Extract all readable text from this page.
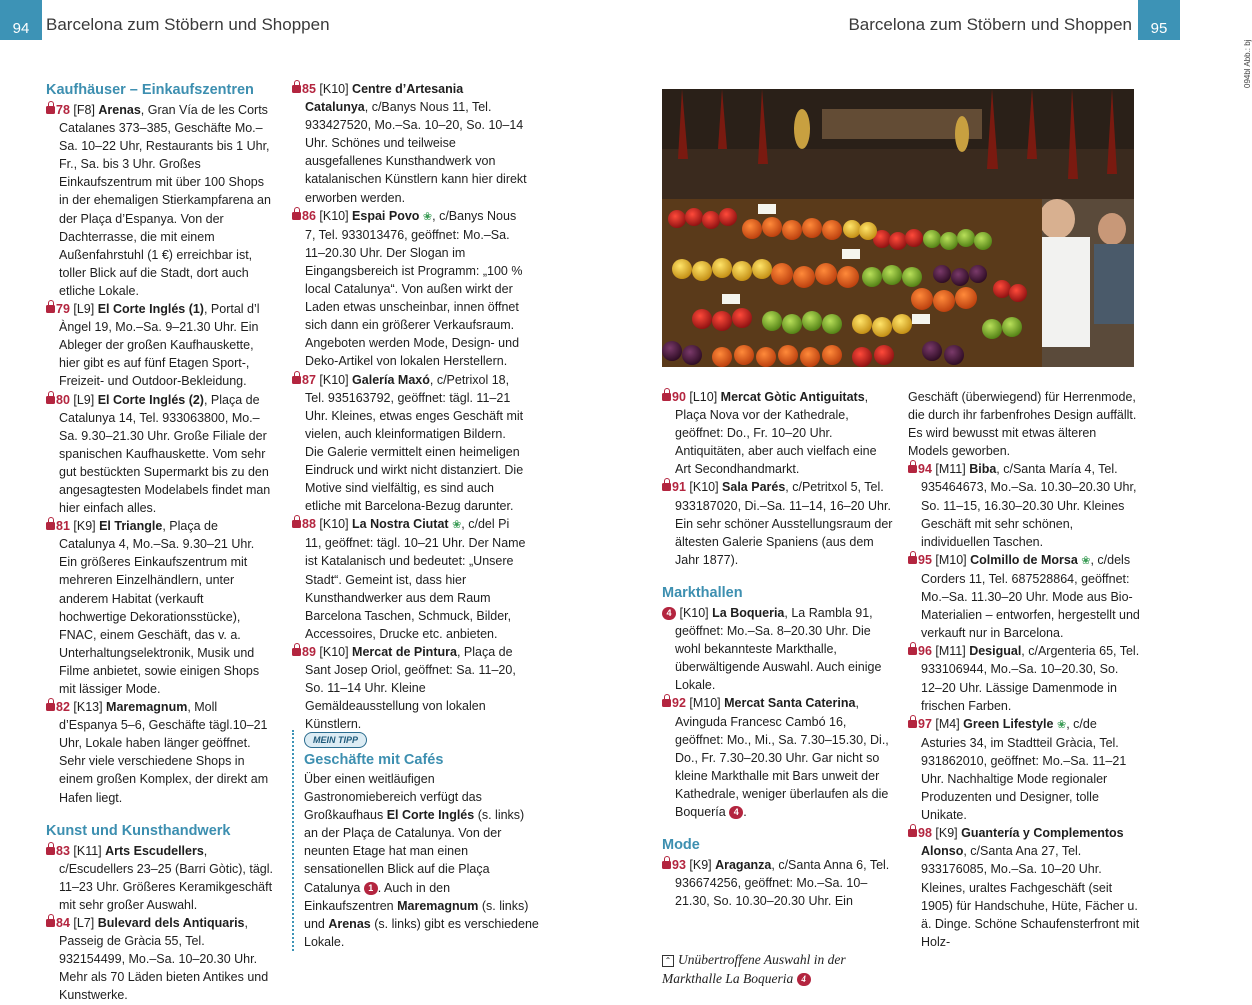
94 Barcelona zum Stöbern und Shoppen
Kaufhäuser – Einkaufszentren

78 [F8] Arenas, Gran Vía de les Corts Catalanes 373–385, Geschäfte Mo.–Sa. 10–22 Uhr, Restaurants bis 1 Uhr, Fr., Sa. bis 3 Uhr. Großes Einkaufszentrum mit über 100 Shops in der ehemaligen Stierkampfarena an der Plaça d’Espanya. Von der Dachterrasse, die mit einem Außenfahrstuhl (1 €) erreichbar ist, toller Blick auf die Stadt, dort auch etliche Lokale.

79 [L9] El Corte Inglés (1), Portal d’l Àngel 19, Mo.–Sa. 9–21.30 Uhr. Ein Ableger der großen Kaufhauskette, hier gibt es auf fünf Etagen Sport-, Freizeit- und Outdoor-Bekleidung.

80 [L9] El Corte Inglés (2), Plaça de Catalunya 14, Tel. 933063800, Mo.–Sa. 9.30–21.30 Uhr. Große Filiale der spanischen Kaufhauskette. Vom sehr gut bestückten Supermarkt bis zu den angesagtesten Modelabels findet man hier einfach alles.

81 [K9] El Triangle, Plaça de Catalunya 4, Mo.–Sa. 9.30–21 Uhr. Ein größeres Einkaufszentrum mit mehreren Einzelhändlern, unter anderem Habitat (verkauft hochwertige Dekorationsstücke), FNAC, einem Geschäft, das v. a. Unterhaltungselektronik, Musik und Filme anbietet, sowie einigen Shops mit lässiger Mode.

82 [K13] Maremagnum, Moll d’Espanya 5–6, Geschäfte tägl.10–21 Uhr, Lokale haben länger geöffnet. Sehr viele verschiedene Shops in einem großen Komplex, der direkt am Hafen liegt.

Kunst und Kunsthandwerk

83 [K11] Arts Escudellers, c/Escudellers 23–25 (Barri Gòtic), tägl. 11–23 Uhr. Größeres Keramikgeschäft mit sehr großer Auswahl.

84 [L7] Bulevard dels Antiquaris, Passeig de Gràcia 55, Tel. 932154499, Mo.–Sa. 10–20.30 Uhr. Mehr als 70 Läden bieten Antikes und Kunstwerke.

85 [K10] Centre d’Artesania Catalunya, c/Banys Nous 11, Tel. 933427520, Mo.–Sa. 10–20, So. 10–14 Uhr. Schönes und teilweise ausgefallenes Kunsthandwerk von katalanischen Künstlern kann hier direkt erworben werden.

86 [K10] Espai Povo ❀, c/Banys Nous 7, Tel. 933013476, geöffnet: Mo.–Sa. 11–20.30 Uhr. Der Slogan im Eingangsbereich ist Programm: „100 % local Catalunya“. Von außen wirkt der Laden etwas unscheinbar, innen öffnet sich dann ein größerer Verkaufsraum. Angeboten werden Mode, Design- und Deko-Artikel von lokalen Herstellern.

87 [K10] Galería Maxó, c/Petrixol 18, Tel. 935163792, geöffnet: tägl. 11–21 Uhr. Kleines, etwas enges Geschäft mit vielen, auch kleinformatigen Bildern. Die Galerie vermittelt einen heimeligen Eindruck und wirkt nicht distanziert. Die Motive sind vielfältig, es sind auch etliche mit Barcelona-Bezug darunter.

88 [K10] La Nostra Ciutat ❀, c/del Pi 11, geöffnet: tägl. 10–21 Uhr. Der Name ist Katalanisch und bedeutet: „Unsere Stadt“. Gemeint ist, dass hier Kunsthandwerker aus dem Raum Barcelona Taschen, Schmuck, Bilder, Accessoires, Drucke etc. anbieten.

89 [K10] Mercat de Pintura, Plaça de Sant Josep Oriol, geöffnet: Sa. 11–20, So. 11–14 Uhr. Kleine Gemäldeausstellung von lokalen Künstlern.

MEIN TIPP
Geschäfte mit Cafés
Über einen weitläufigen Gastronomiebereich verfügt das Großkaufhaus El Corte Inglés (s. links) an der Plaça de Catalunya. Von der neunten Etage hat man einen sensationellen Blick auf die Plaça Catalunya 1 . Auch in den Einkaufszentren Maremagnum (s. links) und Arenas (s. links) gibt es verschiedene Lokale.
95
Barcelona zum Stöbern und Shoppen
094bl Abb.: bj

90 [L10] Mercat Gòtic Antiguitats, Plaça Nova vor der Kathedrale, geöffnet: Do., Fr. 10–20 Uhr. Antiquitäten, aber auch vielfach eine Art Secondhandmarkt.

91 [K10] Sala Parés, c/Petritxol 5, Tel. 933187020, Di.–Sa. 11–14, 16–20 Uhr. Ein sehr schöner Ausstellungsraum der ältesten Galerie Spaniens (aus dem Jahr 1877).

Markthallen

4 [K10] La Boqueria, La Rambla 91, geöffnet: Mo.–Sa. 8–20.30 Uhr. Die wohl bekannteste Markthalle, überwältigende Auswahl. Auch einige Lokale.

92 [M10] Mercat Santa Caterina, Avinguda Francesc Cambó 16, geöffnet: Mo., Mi., Sa. 7.30–15.30, Di., Do., Fr. 7.30–20.30 Uhr. Gar nicht so kleine Markthalle mit Bars unweit der Kathedrale, weniger überlaufen als die Boquería 4 .

Mode

93 [K9] Araganza, c/Santa Anna 6, Tel. 936674256, geöffnet: Mo.–Sa. 10–21.30, So. 10.30–20.30 Uhr. Ein

⌃ Unübertroffene Auswahl in der Markthalle La Boqueria 4

Geschäft (überwiegend) für Herrenmode, die durch ihr farbenfrohes Design auffällt. Es wird bewusst mit etwas älteren Models geworben.

94 [M11] Biba, c/Santa María 4, Tel. 935464673, Mo.–Sa. 10.30–20.30 Uhr, So. 11–15, 16.30–20.30 Uhr. Kleines Geschäft mit sehr schönen, individuellen Taschen.

95 [M10] Colmillo de Morsa ❀, c/dels Corders 11, Tel. 687528864, geöffnet: Mo.–Sa. 11.30–20 Uhr. Mode aus Bio-Materialien – entworfen, hergestellt und verkauft nur in Barcelona.

96 [M11] Desigual, c/Argenteria 65, Tel. 933106944, Mo.–Sa. 10–20.30, So. 12–20 Uhr. Lässige Damenmode in frischen Farben.

97 [M4] Green Lifestyle ❀, c/de Asturies 34, im Stadtteil Gràcia, Tel. 931862010, geöffnet: Mo.–Sa. 11–21 Uhr. Nachhaltige Mode regionaler Produzenten und Designer, tolle Unikate.

98 [K9] Guantería y Complementos Alonso, c/Santa Ana 27, Tel. 933176085, Mo.–Sa. 10–20 Uhr. Kleines, uraltes Fachgeschäft (seit 1905) für Handschuhe, Hüte, Fächer u. ä. Dinge. Schöne Schaufensterfront mit Holz-
